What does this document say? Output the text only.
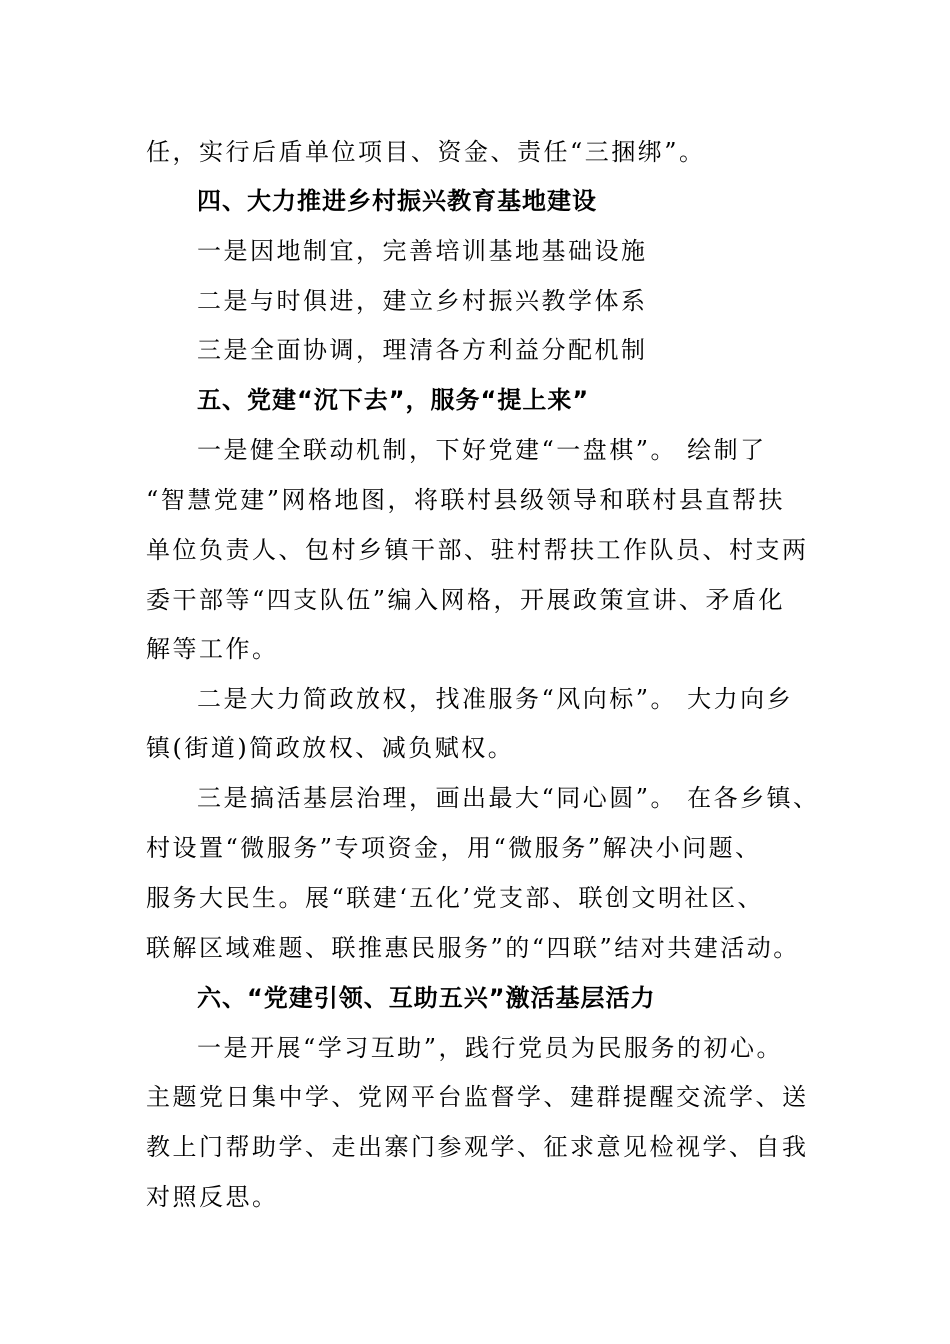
任，实行后盾单位项目、资金、责任“三捆绑”。
四、大力推进乡村振兴教育基地建设
一是因地制宜，完善培训基地基础设施
二是与时俱进，建立乡村振兴教学体系
三是全面协调，理清各方利益分配机制
五、党建“沉下去”，服务“提上来”
一是健全联动机制，下好党建“一盘棋”。 绘制了
“智慧党建”网格地图，将联村县级领导和联村县直帮扶
单位负责人、包村乡镇干部、驻村帮扶工作队员、村支两
委干部等“四支队伍”编入网格，开展政策宣讲、矛盾化
解等工作。
二是大力简政放权，找准服务“风向标”。 大力向乡
镇(街道)简政放权、减负赋权。
三是搞活基层治理，画出最大“同心圆”。 在各乡镇、
村设置“微服务”专项资金，用“微服务”解决小问题、
服务大民生。展“联建‘五化’党支部、联创文明社区、
联解区域难题、联推惠民服务”的“四联”结对共建活动。
六、“党建引领、互助五兴”激活基层活力
一是开展“学习互助”，践行党员为民服务的初心。
主题党日集中学、党网平台监督学、建群提醒交流学、送
教上门帮助学、走出寨门参观学、征求意见检视学、自我
对照反思。
